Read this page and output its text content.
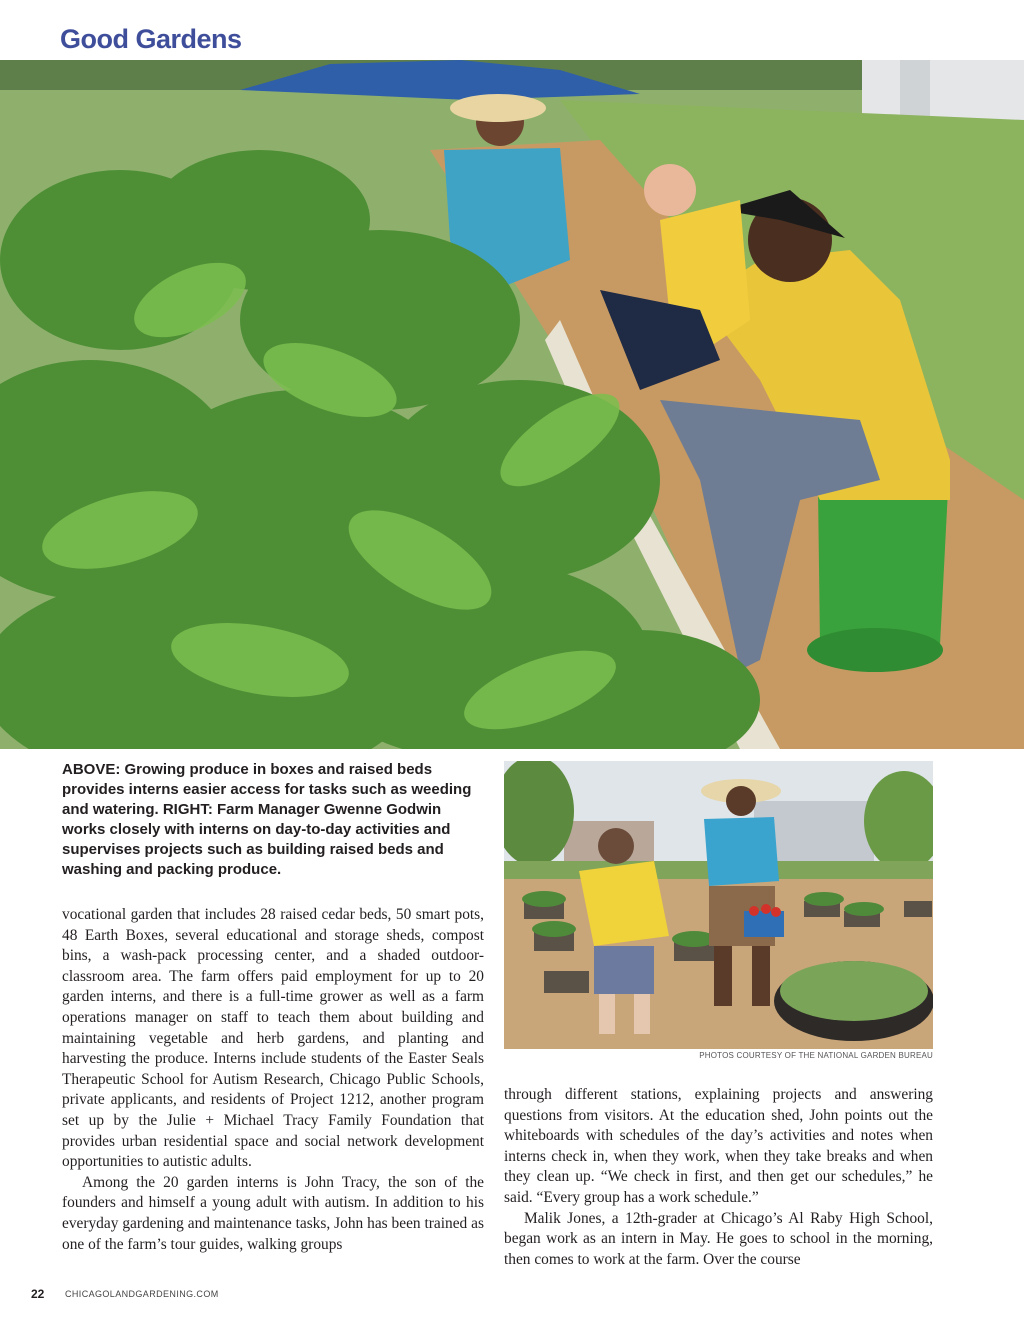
Good Gardens

ABOVE: Growing produce in boxes and raised beds provides interns easier access for tasks such as weeding and watering. RIGHT: Farm Manager Gwenne Godwin works closely with interns on day-to-day activities and supervises projects such as building raised beds and washing and packing produce.

PHOTOS COURTESY OF THE NATIONAL GARDEN BUREAU

vocational garden that includes 28 raised cedar beds, 50 smart pots, 48 Earth Boxes, several educational and storage sheds, compost bins, a wash-pack processing center, and a shaded outdoor-classroom area. The farm offers paid employment for up to 20 garden interns, and there is a full-time grower as well as a farm operations manager on staff to teach them about building and maintaining vegetable and herb gardens, and planting and harvesting the produce. Interns include students of the Easter Seals Therapeutic School for Autism Research, Chicago Public Schools, private applicants, and residents of Project 1212, another program set up by the Julie + Michael Tracy Family Foundation that provides urban residential space and social network development opportunities to autistic adults.

Among the 20 garden interns is John Tracy, the son of the founders and himself a young adult with autism. In addition to his everyday gardening and maintenance tasks, John has been trained as one of the farm’s tour guides, walking groups

through different stations, explaining projects and answering questions from visitors. At the education shed, John points out the whiteboards with schedules of the day’s activities and notes when interns check in, when they work, when they take breaks and when they clean up. “We check in first, and then get our schedules,” he said. “Every group has a work schedule.”

Malik Jones, a 12th-grader at Chicago’s Al Raby High School, began work as an intern in May. He goes to school in the morning, then comes to work at the farm. Over the course

22 CHICAGOLANDGARDENING.COM
